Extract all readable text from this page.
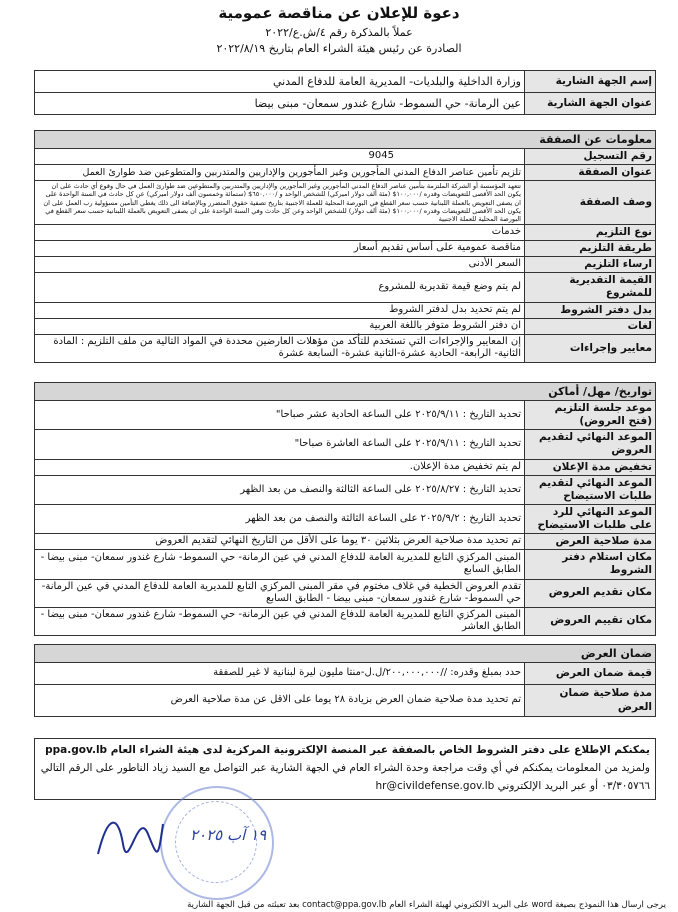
دعوة للإعلان عن مناقصة عمومية
عملاً بالمذكرة رقم ٤/ش.ع/٢٠٢٢
الصادرة عن رئيس هيئة الشراء العام بتاريخ ٢٠٢٢/٨/١٩
إسم الجهة الشارية	وزارة الداخلية والبلديات- المديرية العامة للدفاع المدني
عنوان الجهة الشارية	عين الرمانة- حي السموط- شارع غندور سمعان- مبنى بيضا
معلومات عن الصفقة	
رقم التسجيل	9045
عنوان الصفقة	تلزيم تأمين عناصر الدفاع المدني المأجورين وغير المأجورين والإداريين والمتدربين والمتطوعين ضد طوارئ العمل
وصف الصفقة	تتعهد المؤسسة أو الشركة الملتزمة بتأمين عناصر الدفاع المدني المأجورين وغير المأجورين والإداريين والمتدربين والمتطوعين ضد طوارئ العمل في حال وقوع أي حادث على ان يكون الحد الأقصى للتعويضات وقدره /١٠٠,٠٠٠$ (مئة ألف دولار اميركي) للشخص الواحد و /٦٥٠,٠٠٠$ (ستمائة وخمسون ألف دولار اميركي) عن كل حادث في السنة الواحدة على ان يصفى التعويض بالعملة اللبنانية حسب سعر القطع في البورصة المحلية للعملة الاجنبية بتاريخ تصفية حقوق المتضرر وبالإضافة الى ذلك يغطي التأمين مسؤولية رب العمل على ان يكون الحد الأقصى للتعويضات وقدره /١٠٠,٠٠٠$ (مئة ألف دولار) للشخص الواحد وعن كل حادث وفي السنة الواحدة على ان يصفى التعويض بالعملة اللبنانية حسب سعر القطع في البورصة المحلية للعملة الاجنبية
نوع التلزيم	خدمات
طريقة التلزيم	مناقصة عمومية على أساس تقديم أسعار
ارساء التلزيم	السعر الأدنى
القيمة التقديرية للمشروع	لم يتم وضع قيمة تقديرية للمشروع
بدل دفتر الشروط	لم يتم تحديد بدل لدفتر الشروط
لغات	ان دفتر الشروط متوفر باللغة العربية
معايير وإجراءات	إن المعايير والإجراءات التي تستخدم للتأكد من مؤهلات العارضين محددة في المواد التالية من ملف التلزيم : المادة الثانية- الرابعة- الحادية عشرة-الثانية عشرة- السابعة عشرة
تواريخ/ مهل/ أماكن	
موعد جلسة التلزيم (فتح العروض)	تحديد التاريخ : ٢٠٢٥/٩/١١ على الساعة الحادية عشر صباحا"
الموعد النهائي لتقديم العروض	تحديد التاريخ : ٢٠٢٥/٩/١١ على الساعة العاشرة صباحا"
تخفيض مدة الإعلان	لم يتم تخفيض مدة الإعلان.
الموعد النهائي لتقديم طلبات الاستيضاح	تحديد التاريخ : ٢٠٢٥/٨/٢٧ على الساعة الثالثة والنصف من بعد الظهر
الموعد النهائي للرد على طلبات الاستيضاح	تحديد التاريخ : ٢٠٢٥/٩/٢ على الساعة الثالثة والنصف من بعد الظهر
مدة صلاحية العرض	تم تحديد مدة صلاحية العرض بثلاثين ٣٠ يوما على الأقل من التاريخ النهائي لتقديم العروض
مكان استلام دفتر الشروط	المبنى المركزي التابع للمديرية العامة للدفاع المدني في عين الرمانة- حي السموط- شارع غندور سمعان- مبنى بيضا - الطابق السابع
مكان تقديم العروض	تقدم العروض الخطية في غلاف مختوم في مقر المبنى المركزي التابع للمديرية العامة للدفاع المدني في عين الرمانة- حي السموط- شارع غندور سمعان- مبنى بيضا - الطابق السابع
مكان تقييم العروض	المبنى المركزي التابع للمديرية العامة للدفاع المدني في عين الرمانة- حي السموط- شارع غندور سمعان- مبنى بيضا - الطابق العاشر
ضمان العرض	
قيمة ضمان العرض	حدد بمبلغ وقدره: //٢٠٠,٠٠٠,٠٠٠/ل.ل-منتا مليون ليرة لبنانية لا غير للصفقة
مدة صلاحية ضمان العرض	تم تحديد مدة صلاحية ضمان العرض بزيادة ٢٨ يوما على الاقل عن مدة صلاحية العرض
يمكنكم الإطلاع على دفتر الشروط الخاص بالصفقة عبر المنصة الإلكترونية المركزية لدى هيئة الشراء العام ppa.gov.lb
ولمزيد من المعلومات يمكنكم في أي وقت مراجعة وحدة الشراء العام في الجهة الشارية عبر التواصل مع السيد زياد الناطور على الرقم التالي ٠٣/٣٠٥٧٦٦ أو عبر البريد الإلكتروني hr@civildefense.gov.lb
١٩ آب ٢٠٢٥
يرجى ارسال هذا النموذج بصيغة word على البريد الالكتروني لهيئة الشراء العام contact@ppa.gov.lb بعد تعبئته من قبل الجهة الشارية
